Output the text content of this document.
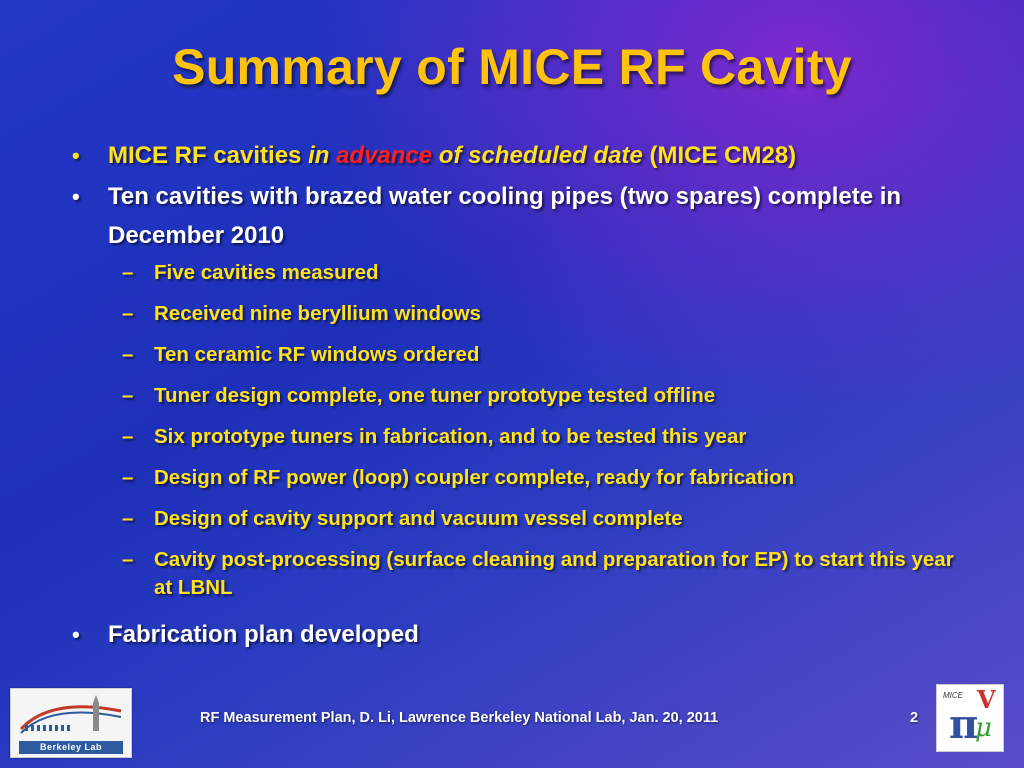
Summary of MICE RF Cavity
• MICE RF cavities in advance of scheduled date (MICE CM28)
• Ten cavities with brazed water cooling pipes (two spares) complete in December 2010
– Five cavities measured
– Received nine beryllium windows
– Ten ceramic RF windows ordered
– Tuner design complete, one tuner prototype tested offline
– Six prototype tuners in fabrication, and to be tested this year
– Design of RF power (loop) coupler complete, ready for fabrication
– Design of cavity support and vacuum vessel complete
– Cavity post-processing (surface cleaning and preparation for EP) to start this year at LBNL
• Fabrication plan developed
Berkeley Lab
RF Measurement Plan, D. Li, Lawrence Berkeley National Lab, Jan. 20, 2011	2
MICE V
π
μ
